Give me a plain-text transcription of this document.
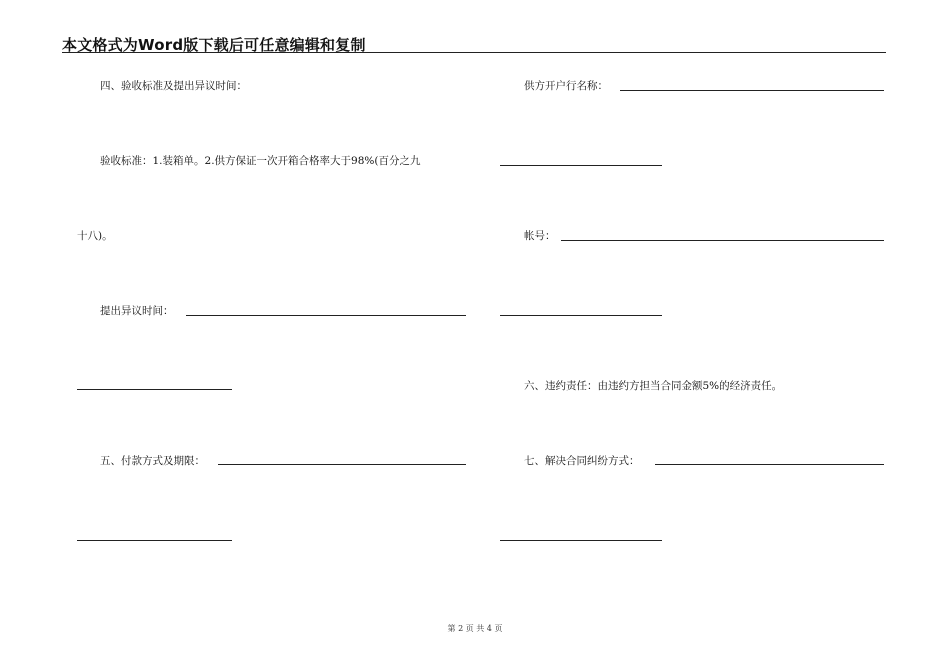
本文格式为Word版下载后可任意编辑和复制
四、验收标准及提出异议时间：
验收标准：1.装箱单。2.供方保证一次开箱合格率大于98%(百分之九
十八)。
提出异议时间：
五、付款方式及期限：
供方开户行名称：
帐号：
六、违约责任：由违约方担当合同金额5%的经济责任。
七、解决合同纠纷方式：
第 2 页 共 4 页
